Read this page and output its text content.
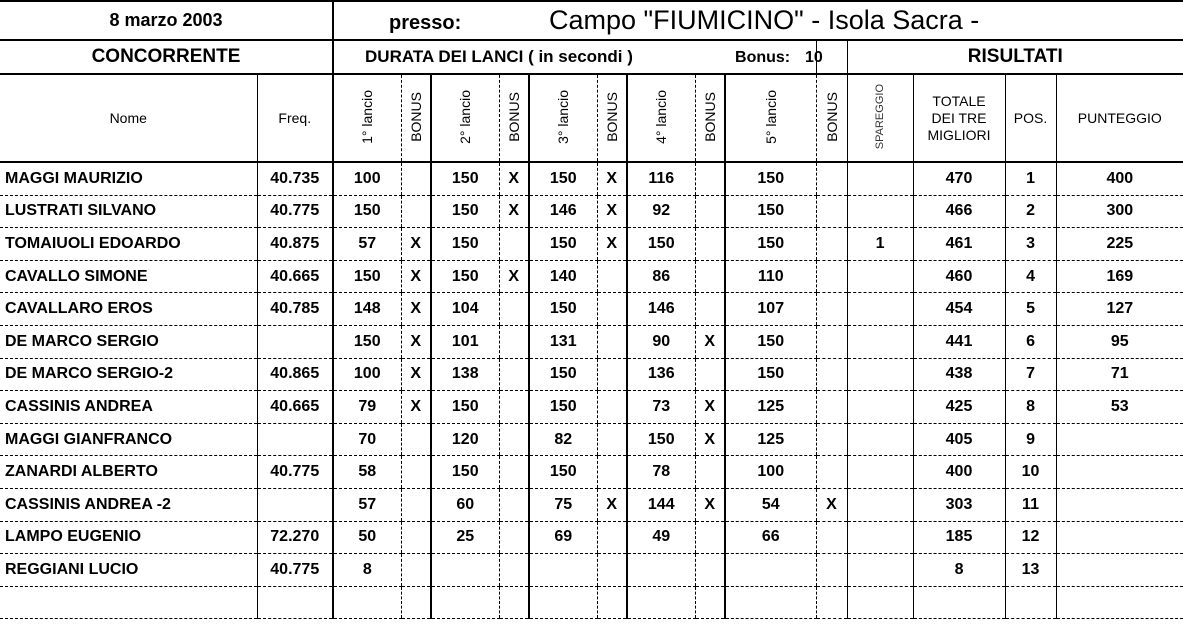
8 marzo 2003		presso: Campo "FIUMICINO" - Isola Sacra -													
CONCORRENTE		DURATA DEI LANCI ( in secondi ) Bonus: 10										RISULTATI			
Nome	Freq.	1° lancio	BONUS	2° lancio	BONUS	3° lancio	BONUS	4° lancio	BONUS	5° lancio	BONUS	SPAREGGIO	TOTALE DEI TRE MIGLIORI	POS.	PUNTEGGIO
MAGGI MAURIZIO	40.735	100		150	X	150	X	116		150			470	1	400
LUSTRATI SILVANO	40.775	150		150	X	146	X	92		150			466	2	300
TOMAIUOLI EDOARDO	40.875	57	X	150		150	X	150		150		1	461	3	225
CAVALLO SIMONE	40.665	150	X	150	X	140		86		110			460	4	169
CAVALLARO EROS	40.785	148	X	104		150		146		107			454	5	127
DE MARCO SERGIO		150	X	101		131		90	X	150			441	6	95
DE MARCO SERGIO-2	40.865	100	X	138		150		136		150			438	7	71
CASSINIS ANDREA	40.665	79	X	150		150		73	X	125			425	8	53
MAGGI GIANFRANCO		70		120		82		150	X	125			405	9	
ZANARDI ALBERTO	40.775	58		150		150		78		100			400	10	
CASSINIS ANDREA -2		57		60		75	X	144	X	54	X		303	11	
LAMPO EUGENIO	72.270	50		25		69		49		66			185	12	
REGGIANI LUCIO	40.775	8											8	13	
